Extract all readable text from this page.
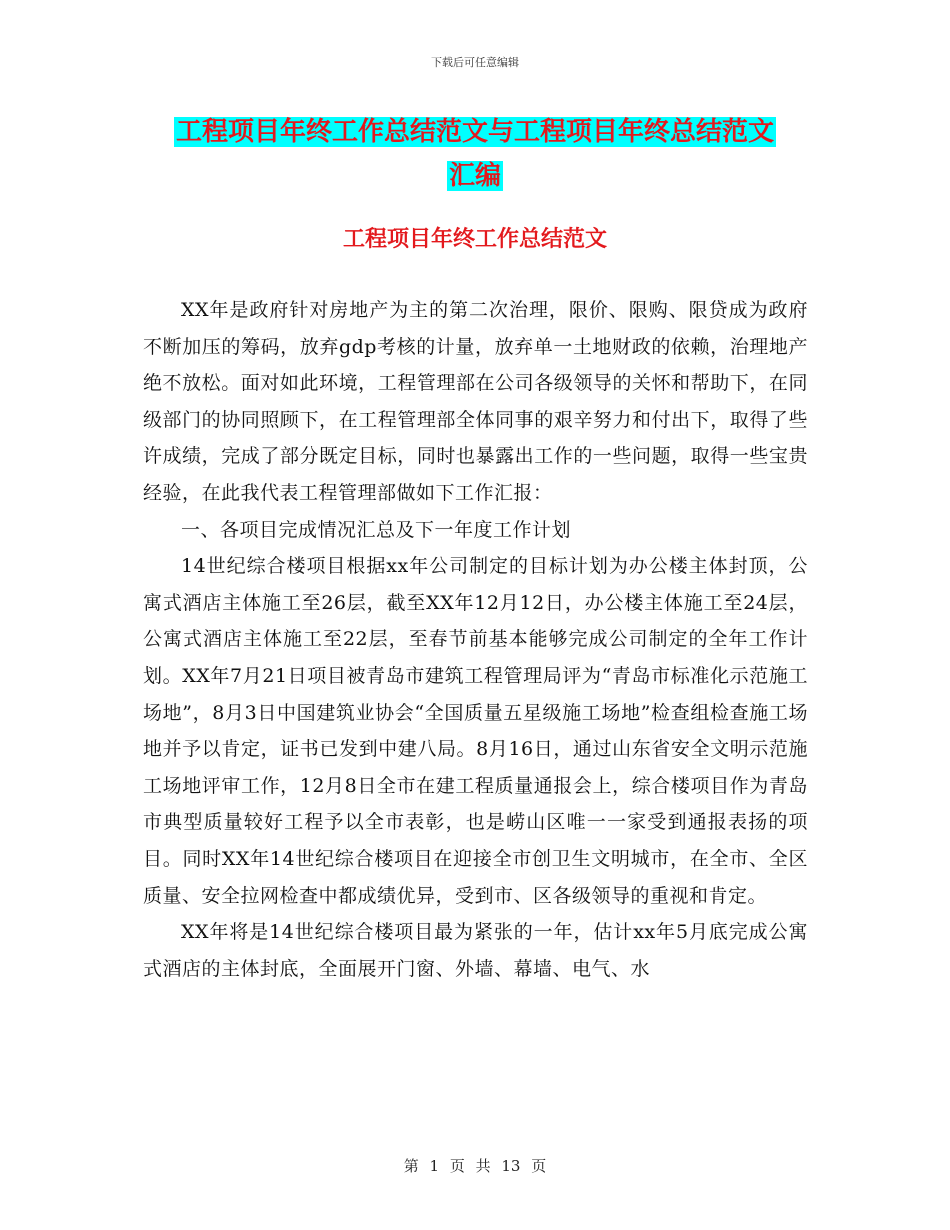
下载后可任意编辑
工程项目年终工作总结范文与工程项目年终总结范文
汇编
工程项目年终工作总结范文

XX年是政府针对房地产为主的第二次治理，限价、限购、限贷成为政府不断加压的筹码，放弃gdp考核的计量，放弃单一土地财政的依赖，治理地产绝不放松。面对如此环境，工程管理部在公司各级领导的关怀和帮助下，在同级部门的协同照顾下，在工程管理部全体同事的艰辛努力和付出下，取得了些许成绩，完成了部分既定目标，同时也暴露出工作的一些问题，取得一些宝贵经验，在此我代表工程管理部做如下工作汇报：

一、各项目完成情况汇总及下一年度工作计划

14世纪综合楼项目根据xx年公司制定的目标计划为办公楼主体封顶，公寓式酒店主体施工至26层，截至XX年12月12日，办公楼主体施工至24层，公寓式酒店主体施工至22层，至春节前基本能够完成公司制定的全年工作计划。XX年7月21日项目被青岛市建筑工程管理局评为“青岛市标准化示范施工场地”，8月3日中国建筑业协会“全国质量五星级施工场地”检查组检查施工场地并予以肯定，证书已发到中建八局。8月16日，通过山东省安全文明示范施工场地评审工作，12月8日全市在建工程质量通报会上，综合楼项目作为青岛市典型质量较好工程予以全市表彰，也是崂山区唯一一家受到通报表扬的项目。同时XX年14世纪综合楼项目在迎接全市创卫生文明城市，在全市、全区质量、安全拉网检查中都成绩优异，受到市、区各级领导的重视和肯定。

XX年将是14世纪综合楼项目最为紧张的一年，估计xx年5月底完成公寓式酒店的主体封底，全面展开门窗、外墙、幕墙、电气、水

第 1 页 共 13 页
